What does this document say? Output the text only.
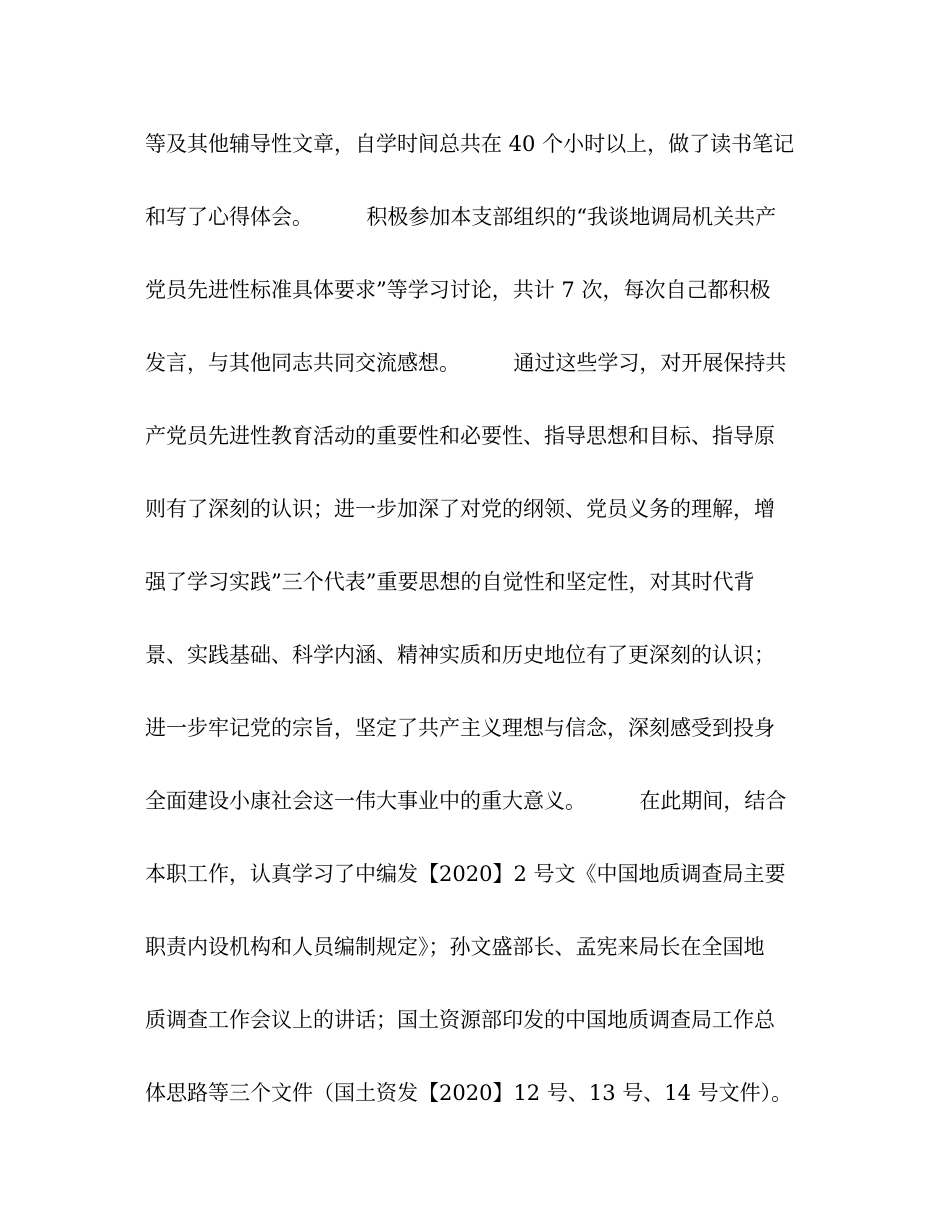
等及其他辅导性文章，自学时间总共在 40 个小时以上，做了读书笔记
和写了心得体会。        积极参加本支部组织的“我谈地调局机关共产
党员先进性标准具体要求”等学习讨论，共计 7 次，每次自己都积极
发言，与其他同志共同交流感想。        通过这些学习，对开展保持共
产党员先进性教育活动的重要性和必要性、指导思想和目标、指导原
则有了深刻的认识；进一步加深了对党的纲领、党员义务的理解，增
强了学习实践”三个代表”重要思想的自觉性和坚定性，对其时代背
景、实践基础、科学内涵、精神实质和历史地位有了更深刻的认识；
进一步牢记党的宗旨，坚定了共产主义理想与信念，深刻感受到投身
全面建设小康社会这一伟大事业中的重大意义。        在此期间，结合
本职工作，认真学习了中编发【2020】2 号文《中国地质调查局主要
职责内设机构和人员编制规定》；孙文盛部长、孟宪来局长在全国地
质调查工作会议上的讲话；国土资源部印发的中国地质调查局工作总
体思路等三个文件（国土资发【2020】12 号、13 号、14 号文件）。
